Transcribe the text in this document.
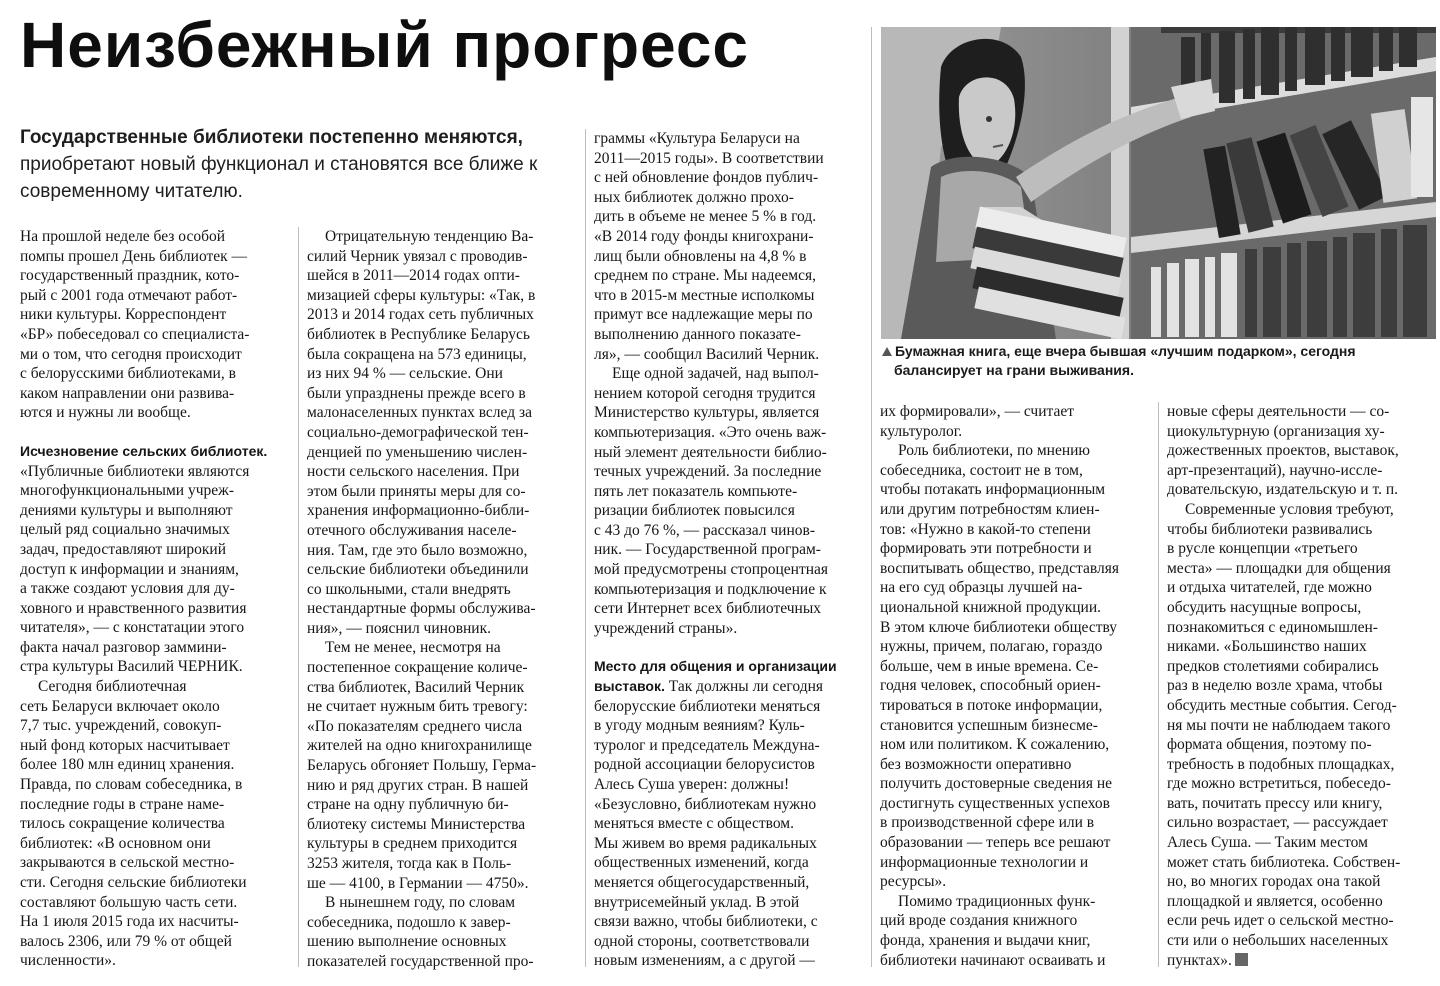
Неизбежный прогресс

Государственные библиотеки постепенно меняются, приобретают новый функционал и становятся все ближе к современному читателю.

На прошлой неделе без особой

помпы прошел День библиотек —

государственный праздник, кото-

рый с 2001 года отмечают работ-

ники культуры. Корреспондент

«БР» побеседовал со специалиста-

ми о том, что сегодня происходит

с белорусскими библиотеками, в

каком направлении они развива-

ются и нужны ли вообще.

Исчезновение сельских библиотек.

«Публичные библиотеки являются

многофункциональными учреж-

дениями культуры и выполняют

целый ряд социально значимых

задач, предоставляют широкий

доступ к информации и знаниям,

а также создают условия для ду-

ховного и нравственного развития

читателя», — с констатации этого

факта начал разговор заммини-

стра культуры Василий ЧЕРНИК.

Сегодня библиотечная

сеть Беларуси включает около

7,7 тыс. учреждений, совокуп-

ный фонд которых насчитывает

более 180 млн единиц хранения.

Правда, по словам собеседника, в

последние годы в стране наме-

тилось сокращение количества

библиотек: «В основном они

закрываются в сельской местно-

сти. Сегодня сельские библиотеки

составляют большую часть сети.

На 1 июля 2015 года их насчиты-

валось 2306, или 79 % от общей

численности».

Отрицательную тенденцию Ва-

силий Черник увязал с проводив-

шейся в 2011—2014 годах опти-

мизацией сферы культуры: «Так, в

2013 и 2014 годах сеть публичных

библиотек в Республике Беларусь

была сокращена на 573 единицы,

из них 94 % — сельские. Они

были упразднены прежде всего в

малонаселенных пунктах вслед за

социально-демографической тен-

денцией по уменьшению числен-

ности сельского населения. При

этом были приняты меры для со-

хранения информационно-библи-

отечного обслуживания населе-

ния. Там, где это было возможно,

сельские библиотеки объединили

со школьными, стали внедрять

нестандартные формы обслужива-

ния», — пояснил чиновник.

Тем не менее, несмотря на

постепенное сокращение количе-

ства библиотек, Василий Черник

не считает нужным бить тревогу:

«По показателям среднего числа

жителей на одно книгохранилище

Беларусь обгоняет Польшу, Герма-

нию и ряд других стран. В нашей

стране на одну публичную би-

блиотеку системы Министерства

культуры в среднем приходится

3253 жителя, тогда как в Поль-

ше — 4100, в Германии — 4750».

В нынешнем году, по словам

собеседника, подошло к завер-

шению выполнение основных

показателей государственной про-

граммы «Культура Беларуси на

2011—2015 годы». В соответствии

с ней обновление фондов публич-

ных библиотек должно прохо-

дить в объеме не менее 5 % в год.

«В 2014 году фонды книгохрани-

лищ были обновлены на 4,8 % в

среднем по стране. Мы надеемся,

что в 2015-м местные исполкомы

примут все надлежащие меры по

выполнению данного показате-

ля», — сообщил Василий Черник.

Еще одной задачей, над выпол-

нением которой сегодня трудится

Министерство культуры, является

компьютеризация. «Это очень важ-

ный элемент деятельности библио-

течных учреждений. За последние

пять лет показатель компьюте-

ризации библиотек повысился

с 43 до 76 %, — рассказал чинов-

ник. — Государственной програм-

мой предусмотрены стопроцентная

компьютеризация и подключение к

сети Интернет всех библиотечных

учреждений страны».

Место для общения и организации

выставок. Так должны ли сегодня

белорусские библиотеки меняться

в угоду модным веяниям? Куль-

туролог и председатель Междуна-

родной ассоциации белорусистов

Алесь Суша уверен: должны!

«Безусловно, библиотекам нужно

меняться вместе с обществом.

Мы живем во время радикальных

общественных изменений, когда

меняется общегосударственный,

внутрисемейный уклад. В этой

связи важно, чтобы библиотеки, с

одной стороны, соответствовали

новым изменениям, а с другой —

их формировали», — считает

культуролог.

Роль библиотеки, по мнению

собеседника, состоит не в том,

чтобы потакать информационным

или другим потребностям клиен-

тов: «Нужно в какой-то степени

формировать эти потребности и

воспитывать общество, представляя

на его суд образцы лучшей на-

циональной книжной продукции.

В этом ключе библиотеки обществу

нужны, причем, полагаю, гораздо

больше, чем в иные времена. Се-

годня человек, способный ориен-

тироваться в потоке информации,

становится успешным бизнесме-

ном или политиком. К сожалению,

без возможности оперативно

получить достоверные сведения не

достигнуть существенных успехов

в производственной сфере или в

образовании — теперь все решают

информационные технологии и

ресурсы».

Помимо традиционных функ-

ций вроде создания книжного

фонда, хранения и выдачи книг,

библиотеки начинают осваивать и

новые сферы деятельности — со-

циокультурную (организация ху-

дожественных проектов, выставок,

арт-презентаций), научно-иссле-

довательскую, издательскую и т. п.

Современные условия требуют,

чтобы библиотеки развивались

в русле концепции «третьего

места» — площадки для общения

и отдыха читателей, где можно

обсудить насущные вопросы,

познакомиться с единомышлен-

никами. «Большинство наших

предков столетиями собирались

раз в неделю возле храма, чтобы

обсудить местные события. Сегод-

ня мы почти не наблюдаем такого

формата общения, поэтому по-

требность в подобных площадках,

где можно встретиться, побеседо-

вать, почитать прессу или книгу,

сильно возрастает, — рассуждает

Алесь Суша. — Таким местом

может стать библиотека. Собствен-

но, во многих городах она такой

площадкой и является, особенно

если речь идет о сельской местно-

сти или о небольших населенных

пунктах».

Бумажная книга, еще вчера бывшая «лучшим подарком», сегодня

балансирует на грани выживания.
